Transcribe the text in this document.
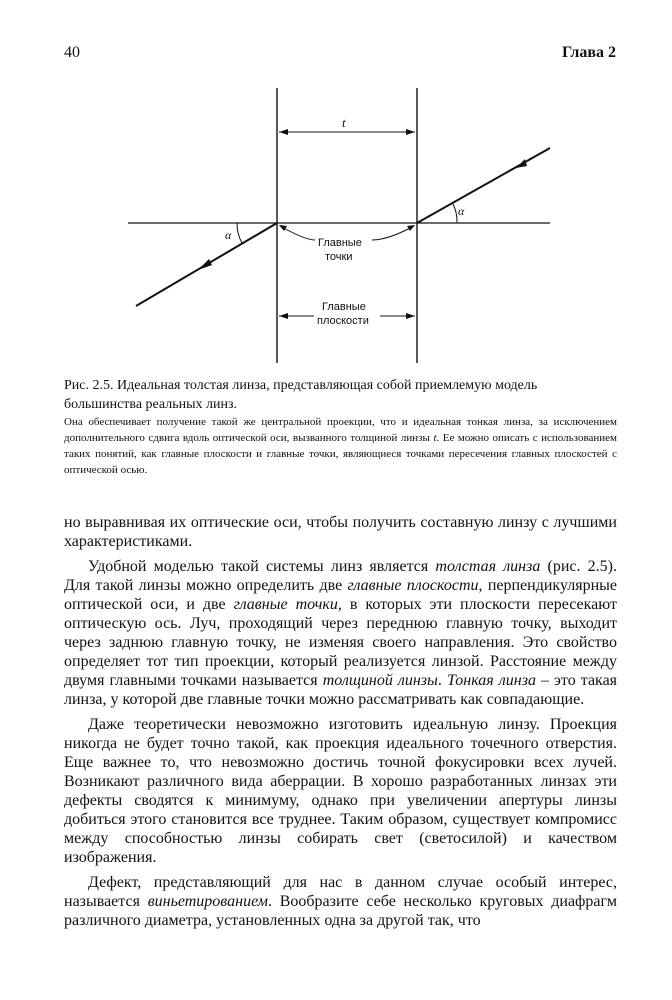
40	Глава 2
t
α
α
Главные
точки
Главные
плоскости
Рис. 2.5. Идеальная толстая линза, представляющая собой приемлемую модель большинства реальных линз.
Она обеспечивает получение такой же центральной проекции, что и идеальная тонкая линза, за исключением дополнительного сдвига вдоль оптической оси, вызванного толщиной линзы t. Ее можно описать с использованием таких понятий, как главные плоскости и главные точки, являющиеся точками пересечения главных плоскостей с оптической осью.

но выравнивая их оптические оси, чтобы получить составную линзу с лучшими характеристиками.

Удобной моделью такой системы линз является толстая линза (рис. 2.5). Для такой линзы можно определить две главные плоскости, перпендикулярные оптической оси, и две главные точки, в которых эти плоскости пересекают оптическую ось. Луч, проходящий через переднюю главную точку, выходит через заднюю главную точку, не изменяя своего направления. Это свойство определяет тот тип проекции, который реализуется линзой. Расстояние между двумя главными точками называется толщиной линзы. Тонкая линза – это такая линза, у которой две главные точки можно рассматривать как совпадающие.

Даже теоретически невозможно изготовить идеальную линзу. Проекция никогда не будет точно такой, как проекция идеального точечного отверстия. Еще важнее то, что невозможно достичь точной фокусировки всех лучей. Возникают различного вида аберрации. В хорошо разработанных линзах эти дефекты сводятся к минимуму, однако при увеличении апертуры линзы добиться этого становится все труднее. Таким образом, существует компромисс между способностью линзы собирать свет (светосилой) и качеством изображения.

Дефект, представляющий для нас в данном случае особый интерес, называется виньетированием. Вообразите себе несколько круговых диафрагм различного диаметра, установленных одна за другой так, что
